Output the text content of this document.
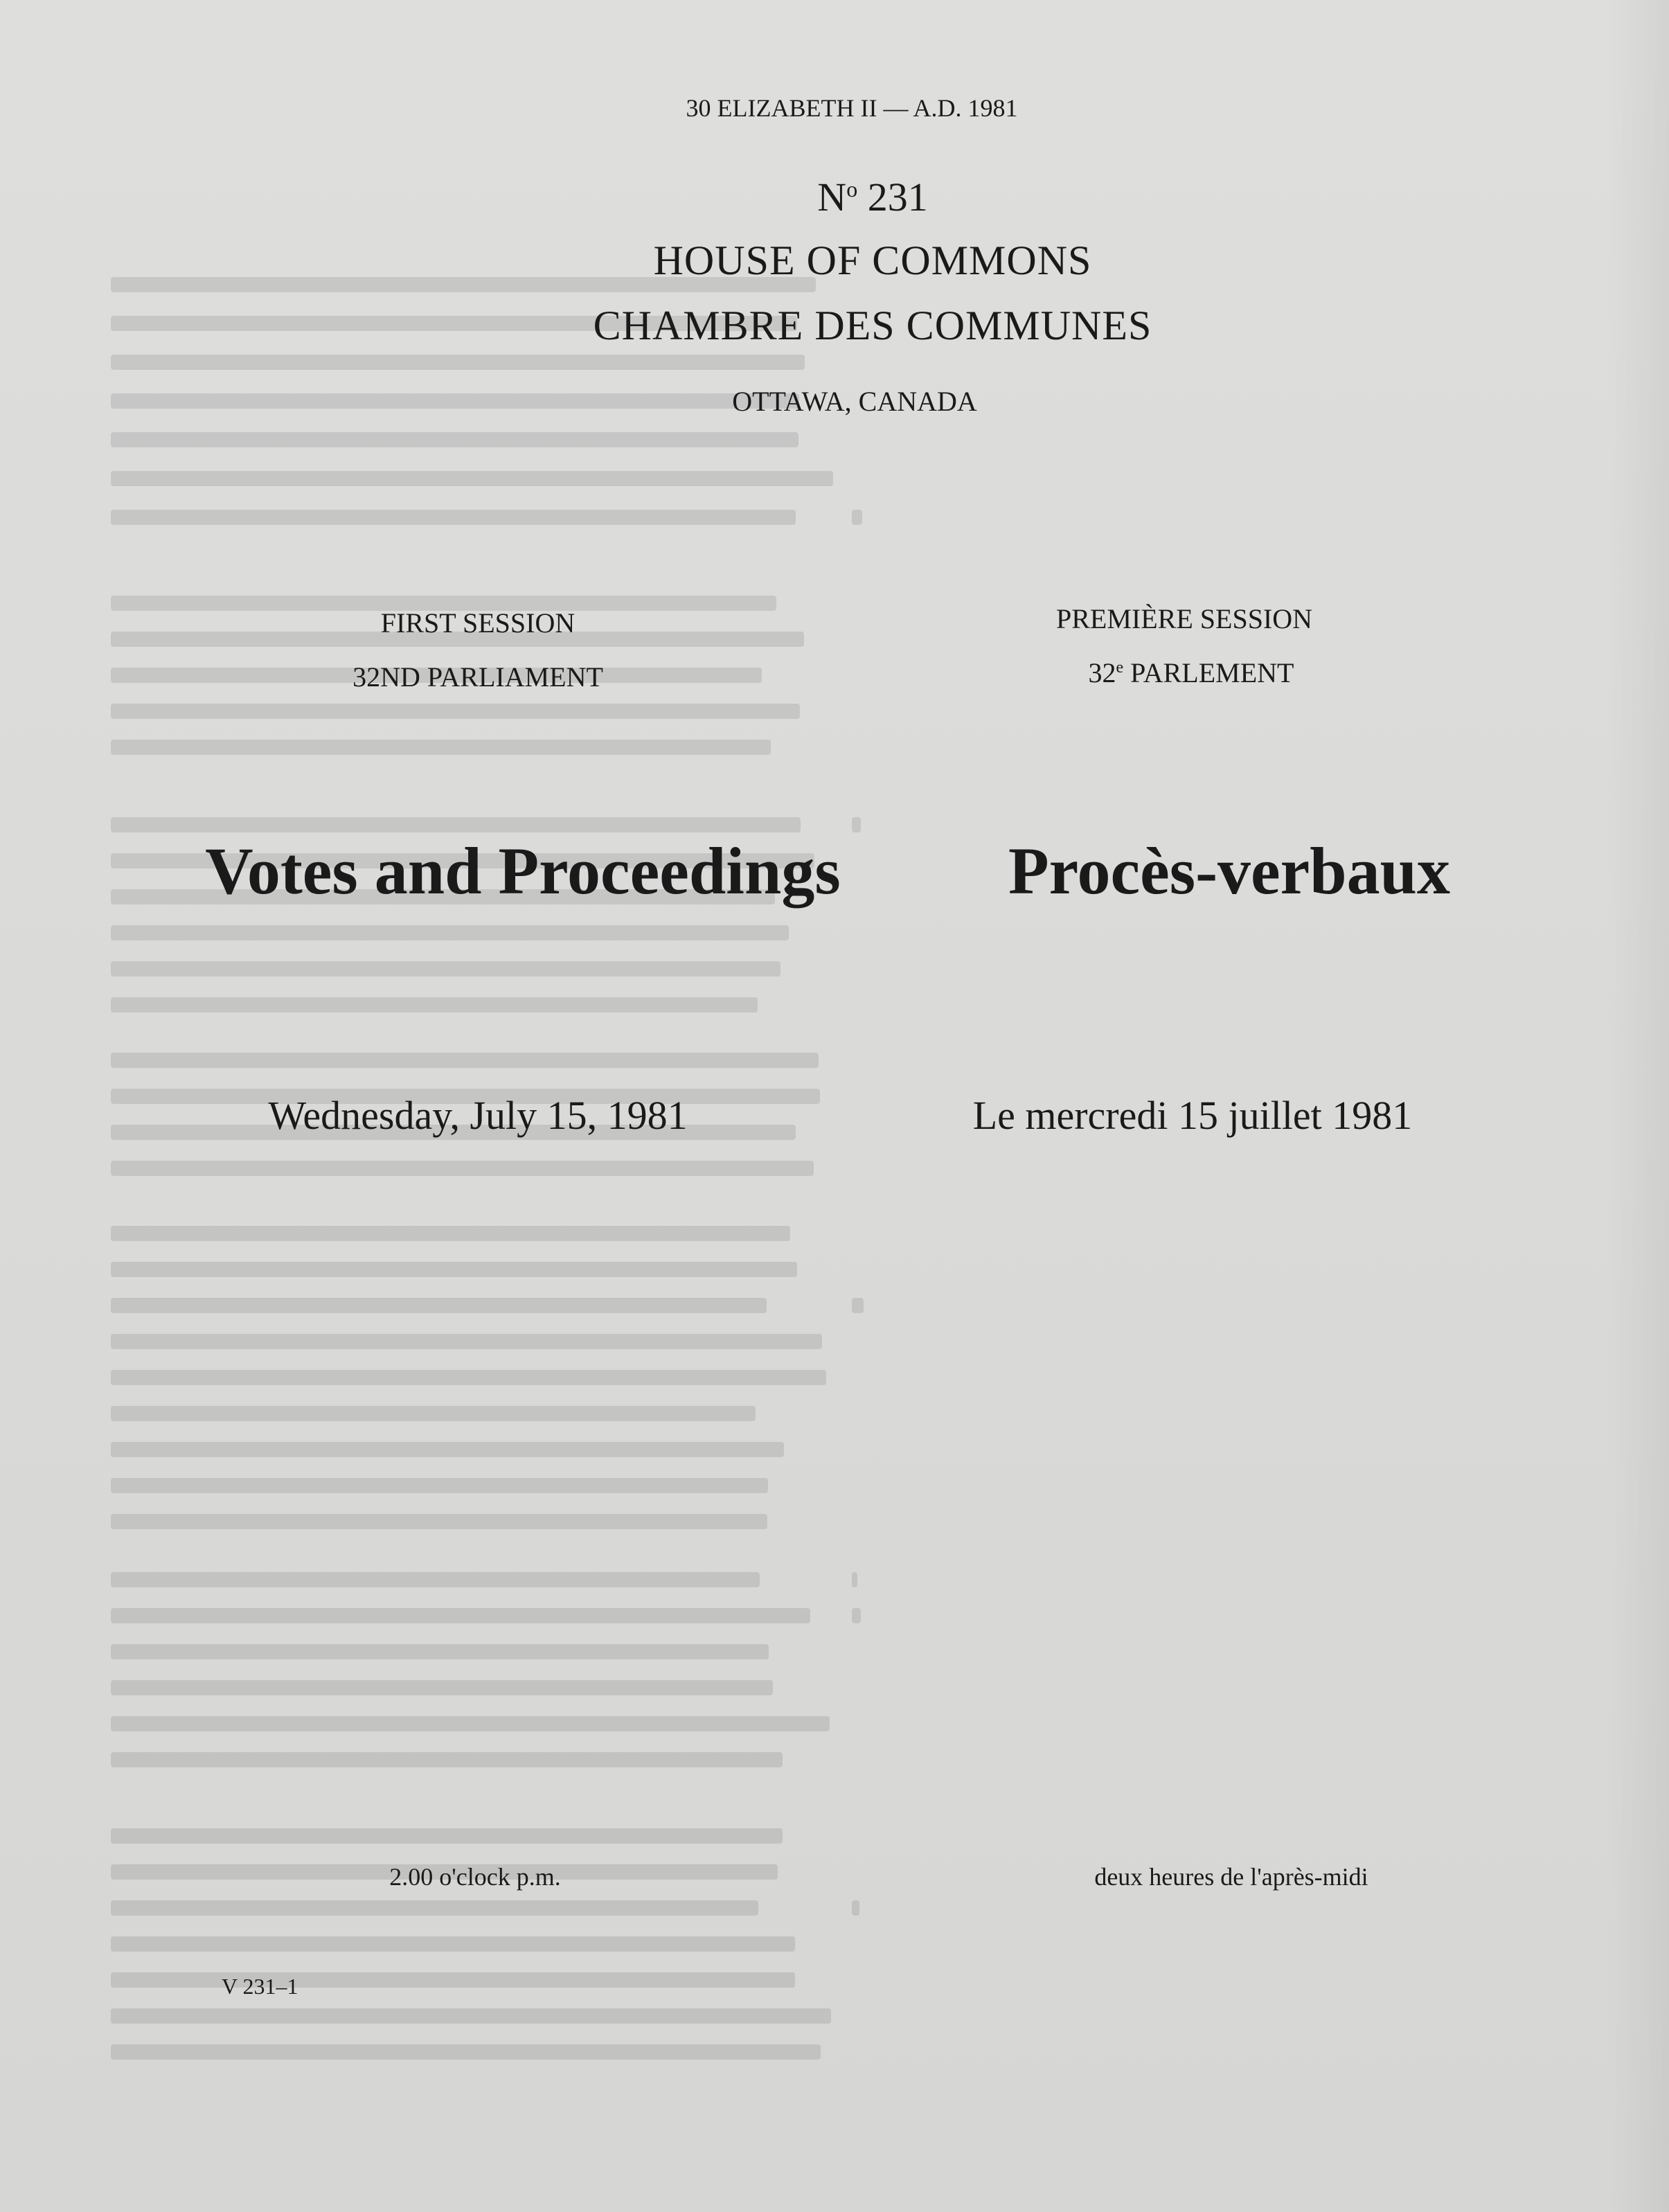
30 ELIZABETH II — A.D. 1981

$N^o$ 231

HOUSE OF COMMONS

CHAMBRE DES COMMUNES

OTTAWA, CANADA

FIRST SESSION

32ND PARLIAMENT

PREMIÈRE SESSION

32e PARLEMENT

Votes and Proceedings	Procès-verbaux

Wednesday, July 15, 1981	Le mercredi 15 juillet 1981

2.00 o'clock p.m.	deux heures de l'après-midi

V 231–1
